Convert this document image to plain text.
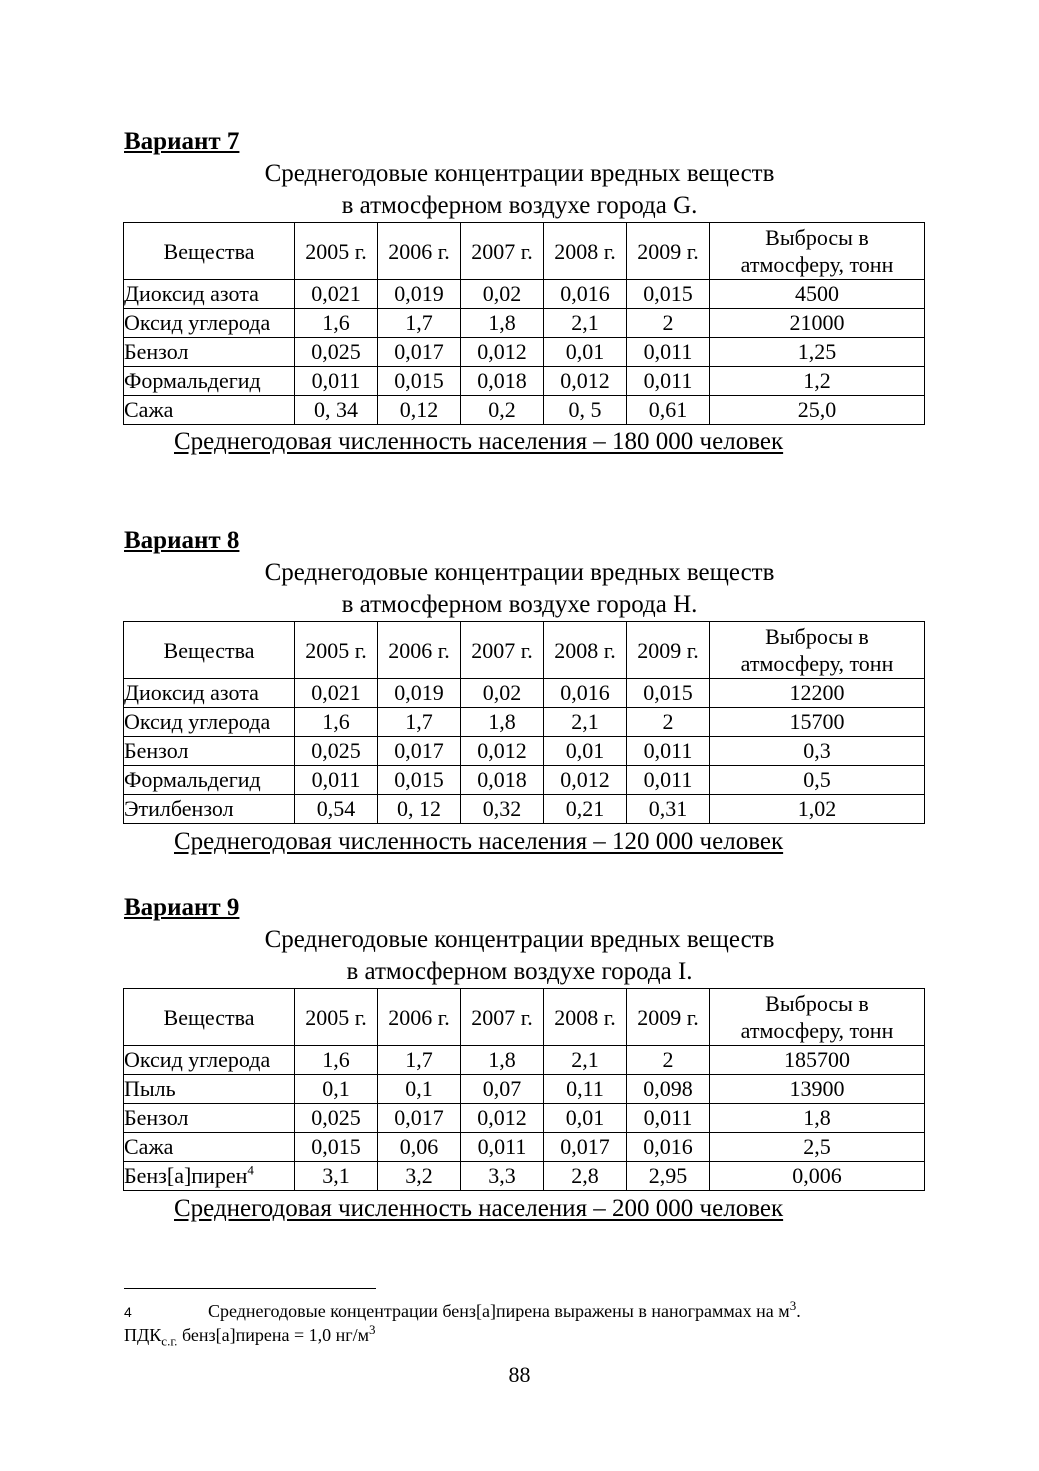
Вариант 7

Среднегодовые концентрации вредных веществ

в атмосферном воздухе города G.

Вещества	2005 г.	2006 г.	2007 г.	2008 г.	2009 г.	Выбросы в
атмосферу, тонн
Диоксид азота	0,021	0,019	0,02	0,016	0,015	4500
Оксид углерода	1,6	1,7	1,8	2,1	2	21000
Бензол	0,025	0,017	0,012	0,01	0,011	1,25
Формальдегид	0,011	0,015	0,018	0,012	0,011	1,2
Сажа	0, 34	0,12	0,2	0, 5	0,61	25,0

Среднегодовая численность населения – 180 000 человек

Вариант 8

Среднегодовые концентрации вредных веществ

в атмосферном воздухе города H.

Вещества	2005 г.	2006 г.	2007 г.	2008 г.	2009 г.	Выбросы в
атмосферу, тонн
Диоксид азота	0,021	0,019	0,02	0,016	0,015	12200
Оксид углерода	1,6	1,7	1,8	2,1	2	15700
Бензол	0,025	0,017	0,012	0,01	0,011	0,3
Формальдегид	0,011	0,015	0,018	0,012	0,011	0,5
Этилбензол	0,54	0, 12	0,32	0,21	0,31	1,02

Среднегодовая численность населения – 120 000 человек

Вариант 9

Среднегодовые концентрации вредных веществ

в атмосферном воздухе города I.

Вещества	2005 г.	2006 г.	2007 г.	2008 г.	2009 г.	Выбросы в
атмосферу, тонн
Оксид углерода	1,6	1,7	1,8	2,1	2	185700
Пыль	0,1	0,1	0,07	0,11	0,098	13900
Бензол	0,025	0,017	0,012	0,01	0,011	1,8
Сажа	0,015	0,06	0,011	0,017	0,016	2,5
Бенз[а]пирен$^4$	3,1	3,2	3,3	2,8	2,95	0,006

Среднегодовая численность населения – 200 000 человек

4	Среднегодовые концентрации бенз[а]пирена выражены в нанограммах на $м^3$.

$ПДК_{с.г.}$ бенз[а]пирена = 1,0 $нг/м^3$

88
